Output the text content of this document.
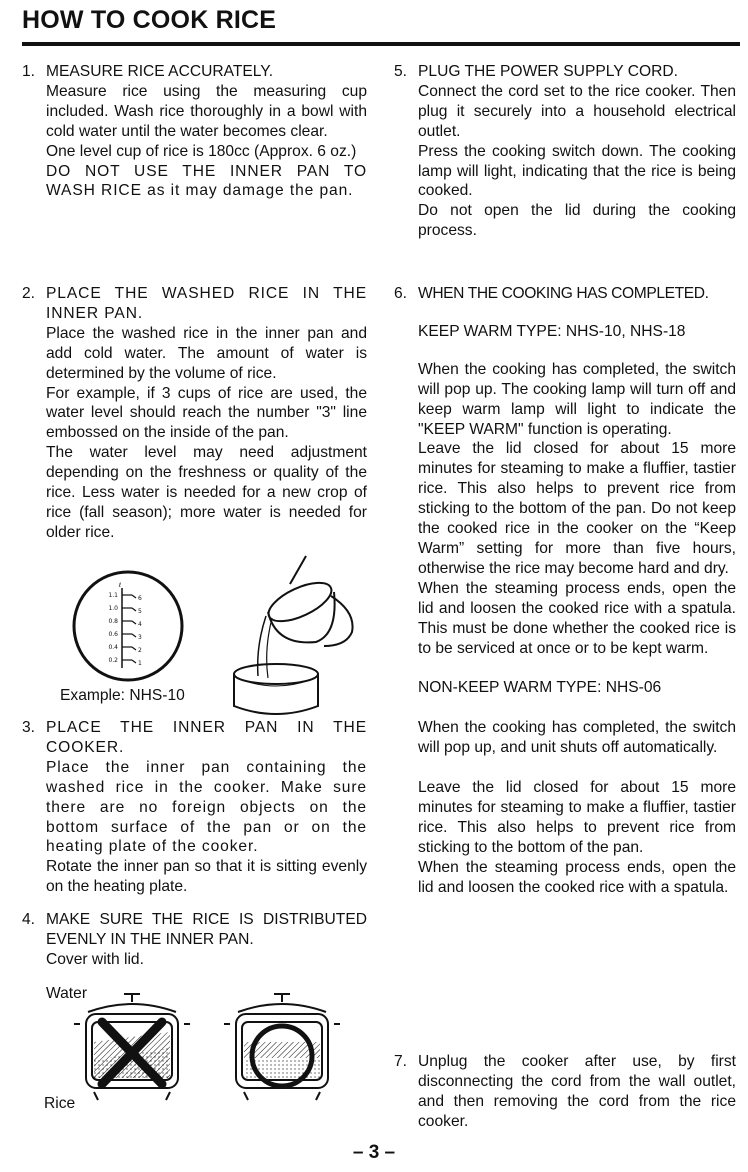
HOW TO COOK RICE
1. MEASURE RICE ACCURATELY.

Measure rice using the measuring cup included. Wash rice thoroughly in a bowl with cold water until the water becomes clear.

One level cup of rice is 180cc (Approx. 6 oz.)

DO NOT USE THE INNER PAN TO WASH RICE as it may damage the pan.

2. PLACE THE WASHED RICE IN THE INNER PAN.

Place the washed rice in the inner pan and add cold water. The amount of water is determined by the volume of rice.

For example, if 3 cups of rice are used, the water level should reach the number "3" line embossed on the inside of the pan.

The water level may need adjustment depending on the freshness or quality of the rice. Less water is needed for a new crop of rice (fall season); more water is needed for older rice.

ℓ
1.1
1.0
0.8
0.6
0.4
0.2
6
5
4
3
2
1
Example: NHS-10
3. PLACE THE INNER PAN IN THE COOKER.

Place the inner pan containing the washed rice in the cooker. Make sure there are no foreign objects on the bottom surface of the pan or on the heating plate of the cooker.

Rotate the inner pan so that it is sitting evenly on the heating plate.

4. MAKE SURE THE RICE IS DISTRIBUTED EVENLY IN THE INNER PAN.

Cover with lid.

Water
Rice
5. PLUG THE POWER SUPPLY CORD.

Connect the cord set to the rice cooker. Then plug it securely into a household electrical outlet.

Press the cooking switch down. The cooking lamp will light, indicating that the rice is being cooked.

Do not open the lid during the cooking process.

6. WHEN THE COOKING HAS COMPLETED.

KEEP WARM TYPE: NHS-10, NHS-18

When the cooking has completed, the switch will pop up. The cooking lamp will turn off and keep warm lamp will light to indicate the "KEEP WARM" function is operating.

Leave the lid closed for about 15 more minutes for steaming to make a fluffier, tastier rice. This also helps to prevent rice from sticking to the bottom of the pan. Do not keep the cooked rice in the cooker on the “Keep Warm” setting for more than five hours, otherwise the rice may become hard and dry.

When the steaming process ends, open the lid and loosen the cooked rice with a spatula. This must be done whether the cooked rice is to be serviced at once or to be kept warm.

NON-KEEP WARM TYPE: NHS-06

When the cooking has completed, the switch will pop up, and unit shuts off automatically.

Leave the lid closed for about 15 more minutes for steaming to make a fluffier, tastier rice. This also helps to prevent rice from sticking to the bottom of the pan.

When the steaming process ends, open the lid and loosen the cooked rice with a spatula.

7. Unplug the cooker after use, by first disconnecting the cord from the wall outlet, and then removing the cord from the rice cooker.

– 3 –
